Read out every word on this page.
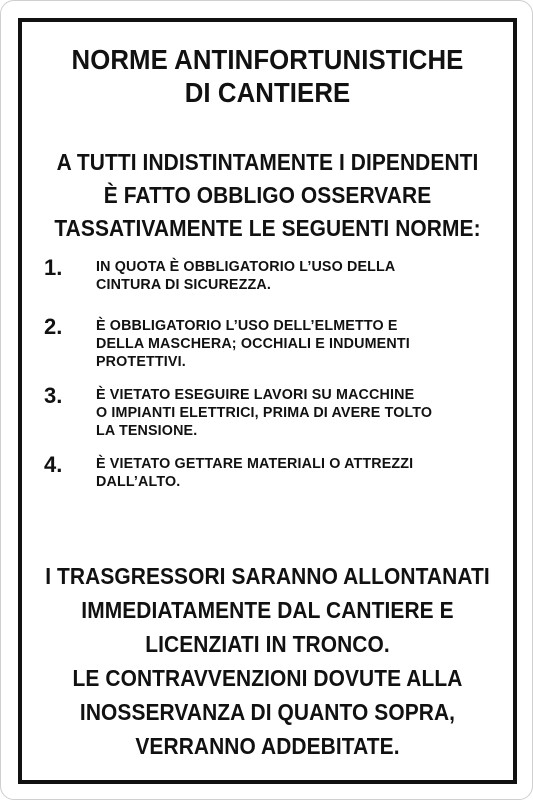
NORME ANTINFORTUNISTICHE
DI CANTIERE
A TUTTI INDISTINTAMENTE I DIPENDENTI
È FATTO OBBLIGO OSSERVARE
TASSATIVAMENTE LE SEGUENTI NORME:
1.	IN QUOTA È OBBLIGATORIO L’USO DELLA
CINTURA DI SICUREZZA.
2.	È OBBLIGATORIO L’USO DELL’ELMETTO E
DELLA MASCHERA; OCCHIALI E INDUMENTI
PROTETTIVI.
3.	È VIETATO ESEGUIRE LAVORI SU MACCHINE
O IMPIANTI ELETTRICI, PRIMA DI AVERE TOLTO
LA TENSIONE.
4.	È VIETATO GETTARE MATERIALI O ATTREZZI
DALL’ALTO.
I TRASGRESSORI SARANNO ALLONTANATI
IMMEDIATAMENTE DAL CANTIERE E
LICENZIATI IN TRONCO.
LE CONTRAVVENZIONI DOVUTE ALLA
INOSSERVANZA DI QUANTO SOPRA,
VERRANNO ADDEBITATE.
